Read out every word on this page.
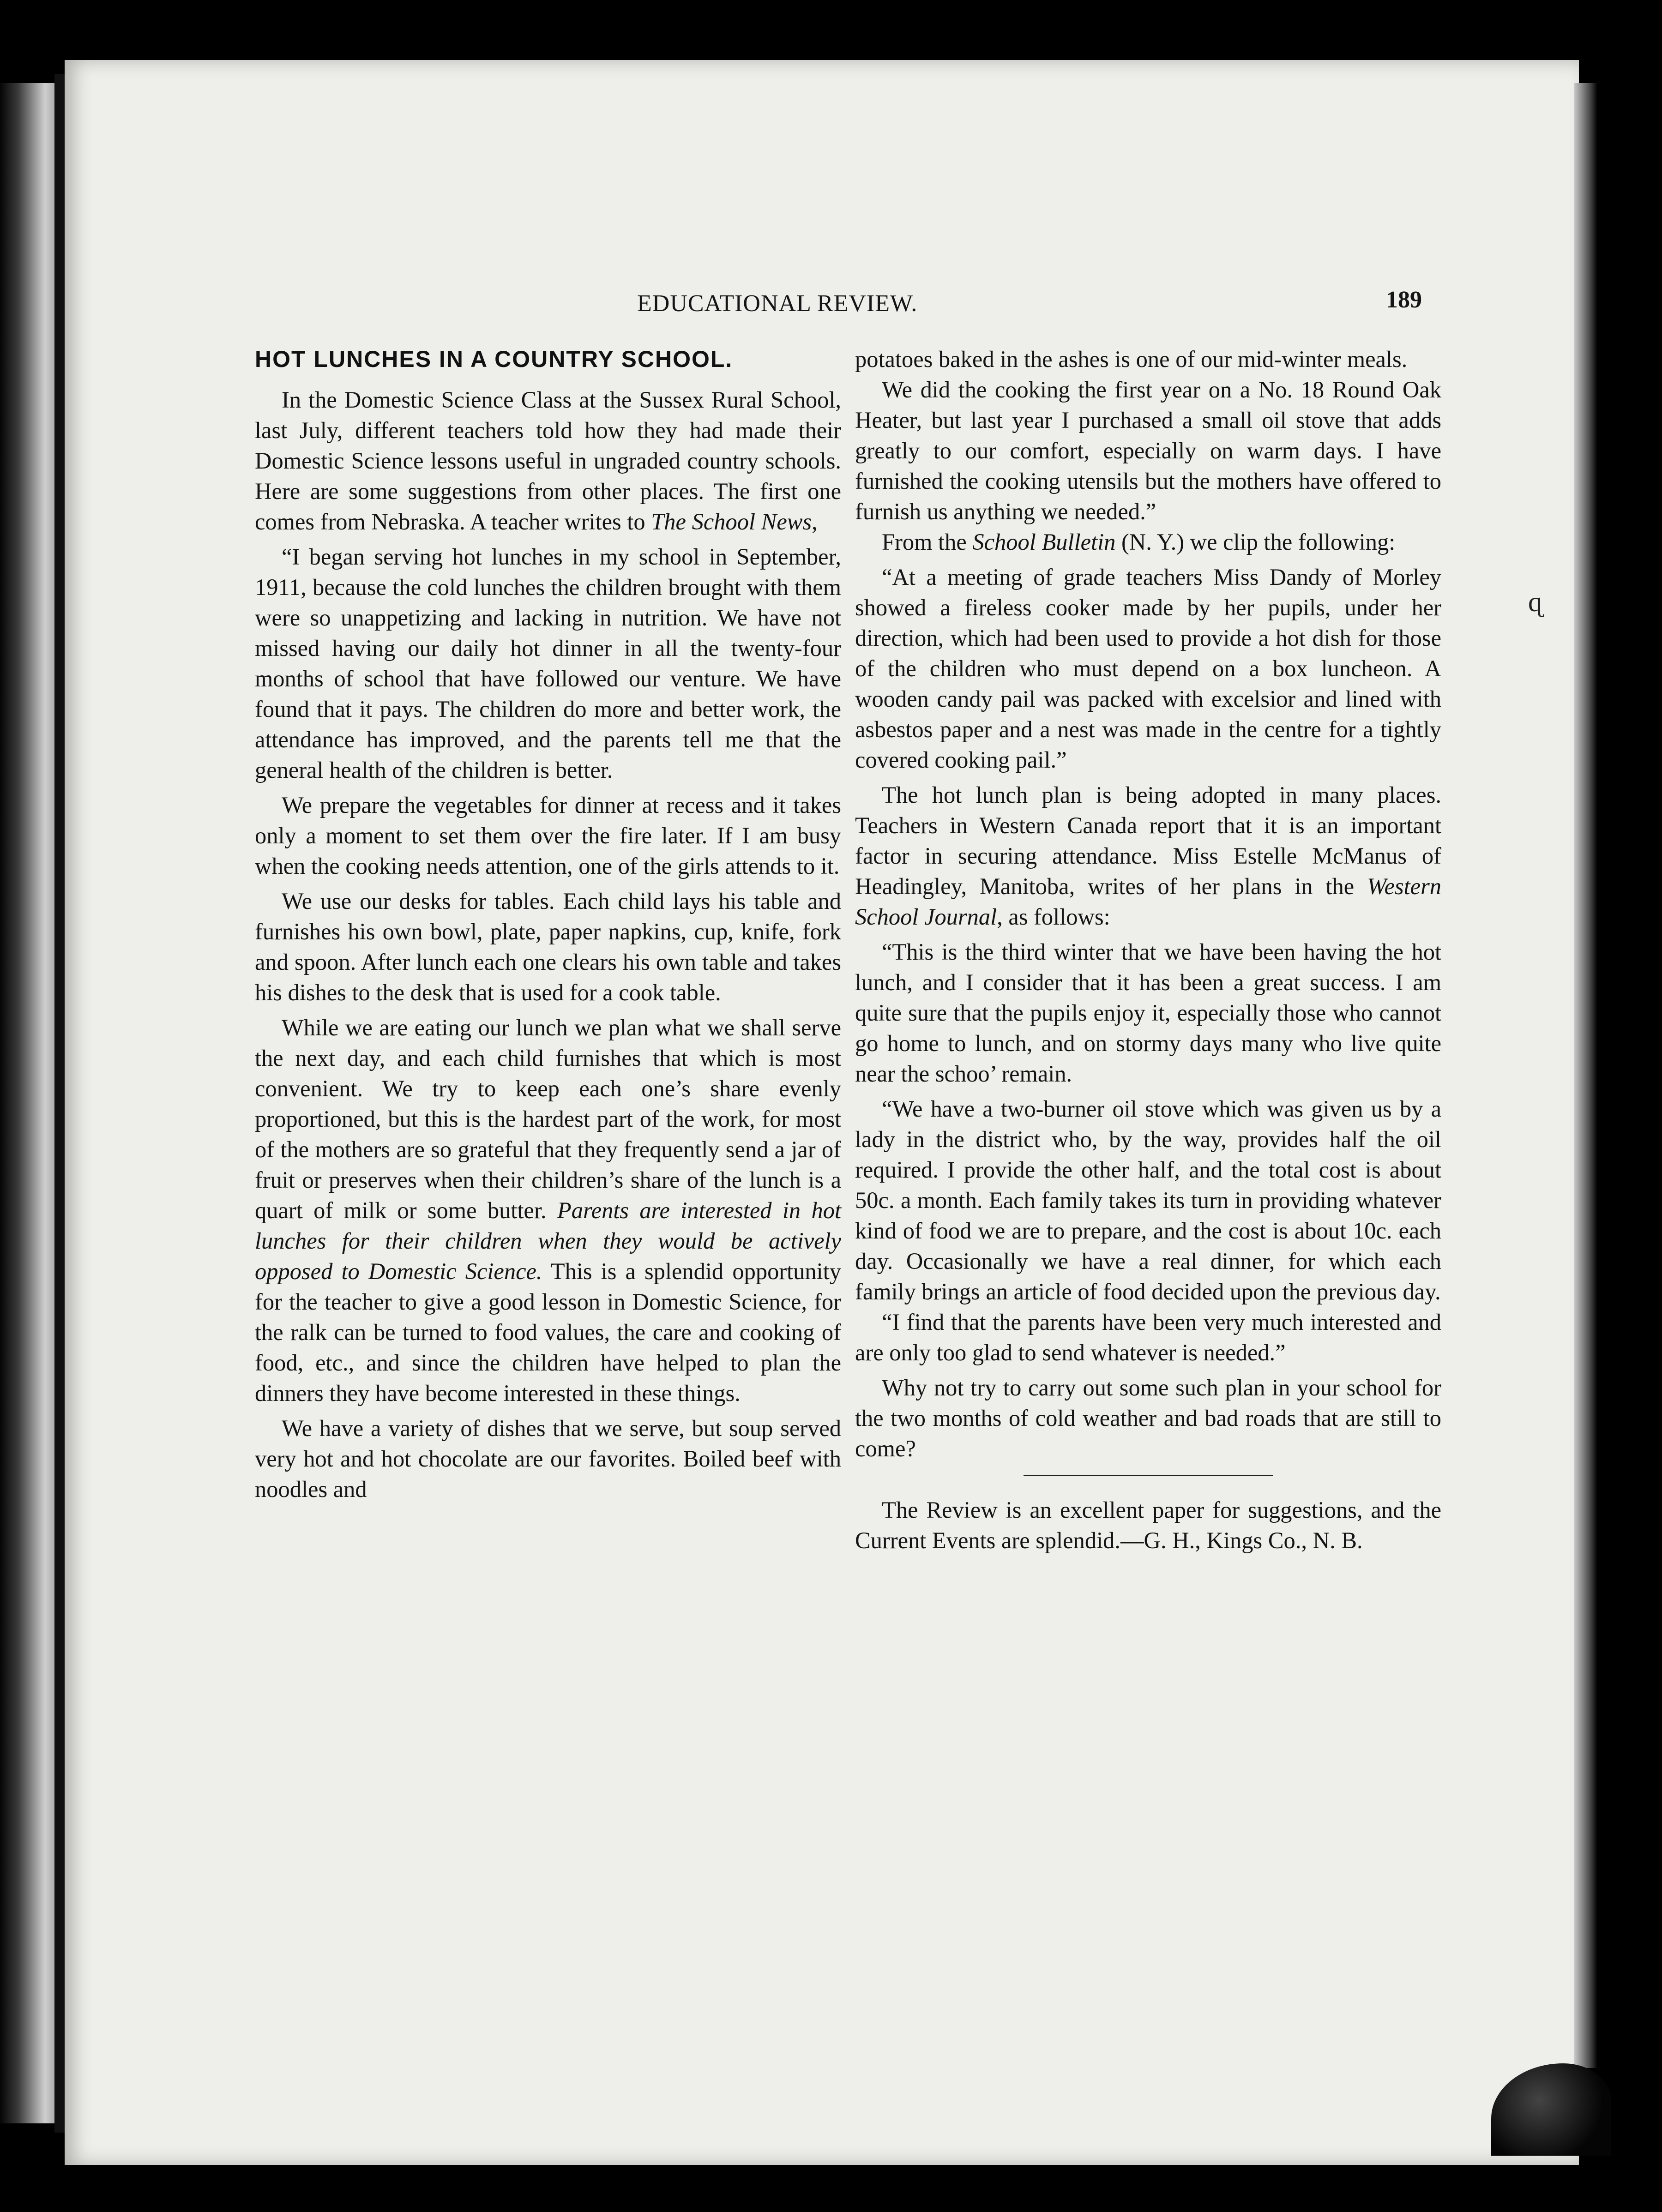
EDUCATIONAL REVIEW.	189

HOT LUNCHES IN A COUNTRY SCHOOL.

In the Domestic Science Class at the Sussex Rural School, last July, different teachers told how they had made their Domestic Science lessons useful in ungraded country schools. Here are some suggestions from other places. The first one comes from Nebraska. A teacher writes to The School News,

“I began serving hot lunches in my school in September, 1911, because the cold lunches the children brought with them were so unappetizing and lacking in nutrition. We have not missed having our daily hot dinner in all the twenty-four months of school that have followed our venture. We have found that it pays. The children do more and better work, the attendance has improved, and the parents tell me that the general health of the children is better.

We prepare the vegetables for dinner at recess and it takes only a moment to set them over the fire later. If I am busy when the cooking needs attention, one of the girls attends to it.

We use our desks for tables. Each child lays his table and furnishes his own bowl, plate, paper napkins, cup, knife, fork and spoon. After lunch each one clears his own table and takes his dishes to the desk that is used for a cook table.

While we are eating our lunch we plan what we shall serve the next day, and each child furnishes that which is most convenient. We try to keep each one’s share evenly proportioned, but this is the hardest part of the work, for most of the mothers are so grateful that they frequently send a jar of fruit or preserves when their children’s share of the lunch is a quart of milk or some butter. Parents are interested in hot lunches for their children when they would be actively opposed to Domestic Science. This is a splendid opportunity for the teacher to give a good lesson in Domestic Science, for the ralk can be turned to food values, the care and cooking of food, etc., and since the children have helped to plan the dinners they have become interested in these things.

We have a variety of dishes that we serve, but soup served very hot and hot chocolate are our favorites. Boiled beef with noodles and

potatoes baked in the ashes is one of our mid-winter meals.

We did the cooking the first year on a No. 18 Round Oak Heater, but last year I purchased a small oil stove that adds greatly to our comfort, especially on warm days. I have furnished the cooking utensils but the mothers have offered to furnish us anything we needed.”

From the School Bulletin (N. Y.) we clip the following:

“At a meeting of grade teachers Miss Dandy of Morley showed a fireless cooker made by her pupils, under her direction, which had been used to provide a hot dish for those of the children who must depend on a box luncheon. A wooden candy pail was packed with excelsior and lined with asbestos paper and a nest was made in the centre for a tightly covered cooking pail.”

The hot lunch plan is being adopted in many places. Teachers in Western Canada report that it is an important factor in securing attendance. Miss Estelle McManus of Headingley, Manitoba, writes of her plans in the Western School Journal, as follows:

“This is the third winter that we have been having the hot lunch, and I consider that it has been a great success. I am quite sure that the pupils enjoy it, especially those who cannot go home to lunch, and on stormy days many who live quite near the schoo’ remain.

“We have a two-burner oil stove which was given us by a lady in the district who, by the way, provides half the oil required. I provide the other half, and the total cost is about 50c. a month. Each family takes its turn in providing whatever kind of food we are to prepare, and the cost is about 10c. each day. Occasionally we have a real dinner, for which each family brings an article of food decided upon the previous day.

“I find that the parents have been very much interested and are only too glad to send whatever is needed.”

Why not try to carry out some such plan in your school for the two months of cold weather and bad roads that are still to come?

The Review is an excellent paper for suggestions, and the Current Events are splendid.—G. H., Kings Co., N. B.

ɋ
